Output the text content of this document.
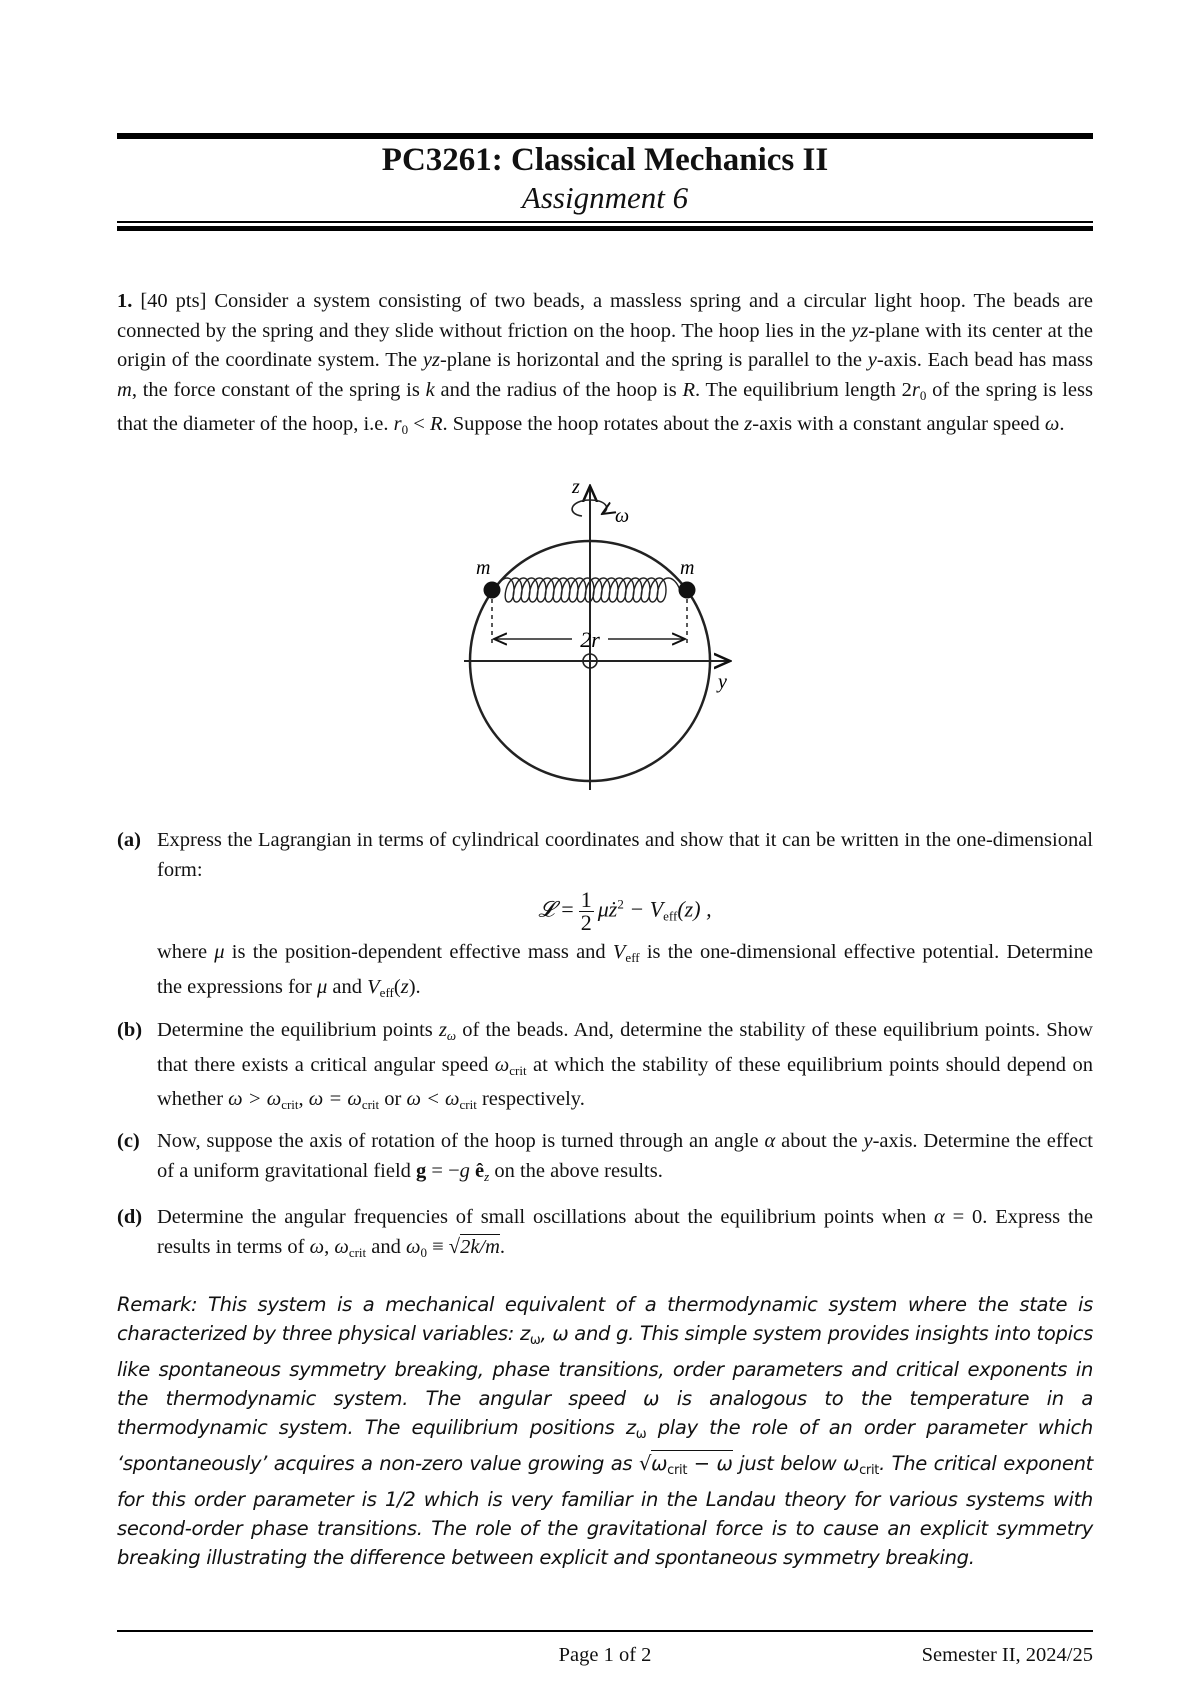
PC3261: Classical Mechanics II
Assignment 6

1. [40 pts] Consider a system consisting of two beads, a massless spring and a circular light hoop. The beads are connected by the spring and they slide without friction on the hoop. The hoop lies in the yz-plane with its center at the origin of the coordinate system. The yz-plane is horizontal and the spring is parallel to the y-axis. Each bead has mass m, the force constant of the spring is k and the radius of the hoop is R. The equilibrium length $2r_0$ of the spring is less that the diameter of the hoop, i.e. $r_0 < R$. Suppose the hoop rotates about the z-axis with a constant angular speed ω.

2r
z
ω
m	m
y
(a) Express the Lagrangian in terms of cylindrical coordinates and show that it can be written in the one-dimensional form:
𝓛 = $\frac{1}{2}$ $\mu ż^2 - V_{eff}(z)$ ,
where μ is the position-dependent effective mass and $V_{eff}$ is the one-dimensional effective potential. Determine the expressions for μ and $V_{eff}(z)$.
(b) Determine the equilibrium points zω of the beads. And, determine the stability of these equilibrium points. Show that there exists a critical angular speed $\omega_{crit}$ at which the stability of these equilibrium points should depend on whether $\omega > \omega_{crit}$, $\omega = \omega_{crit}$ or $\omega < \omega_{crit}$ respectively.
(c) Now, suppose the axis of rotation of the hoop is turned through an angle α about the y-axis. Determine the effect of a uniform gravitational field g = −g êz on the above results.
(d) Determine the angular frequencies of small oscillations about the equilibrium points when α = 0. Express the results in terms of ω, $\omega_{crit}$ and $\omega_0 \equiv √2k/m$.
Remark: This system is a mechanical equivalent of a thermodynamic system where the state is characterized by three physical variables: $z_\omega$, ω and g. This simple system provides insights into topics like spontaneous symmetry breaking, phase transitions, order parameters and critical exponents in the thermodynamic system. The angular speed ω is analogous to the temperature in a thermodynamic system. The equilibrium positions $z_\omega$ play the role of an order parameter which ‘spontaneously’ acquires a non-zero value growing as $√\omega_{crit} - \omega$ just below $\omega_{crit}$. The critical exponent for this order parameter is 1/2 which is very familiar in the Landau theory for various systems with second-order phase transitions. The role of the gravitational force is to cause an explicit symmetry breaking illustrating the difference between explicit and spontaneous symmetry breaking.
Page 1 of 2	Semester II, 2024/25
